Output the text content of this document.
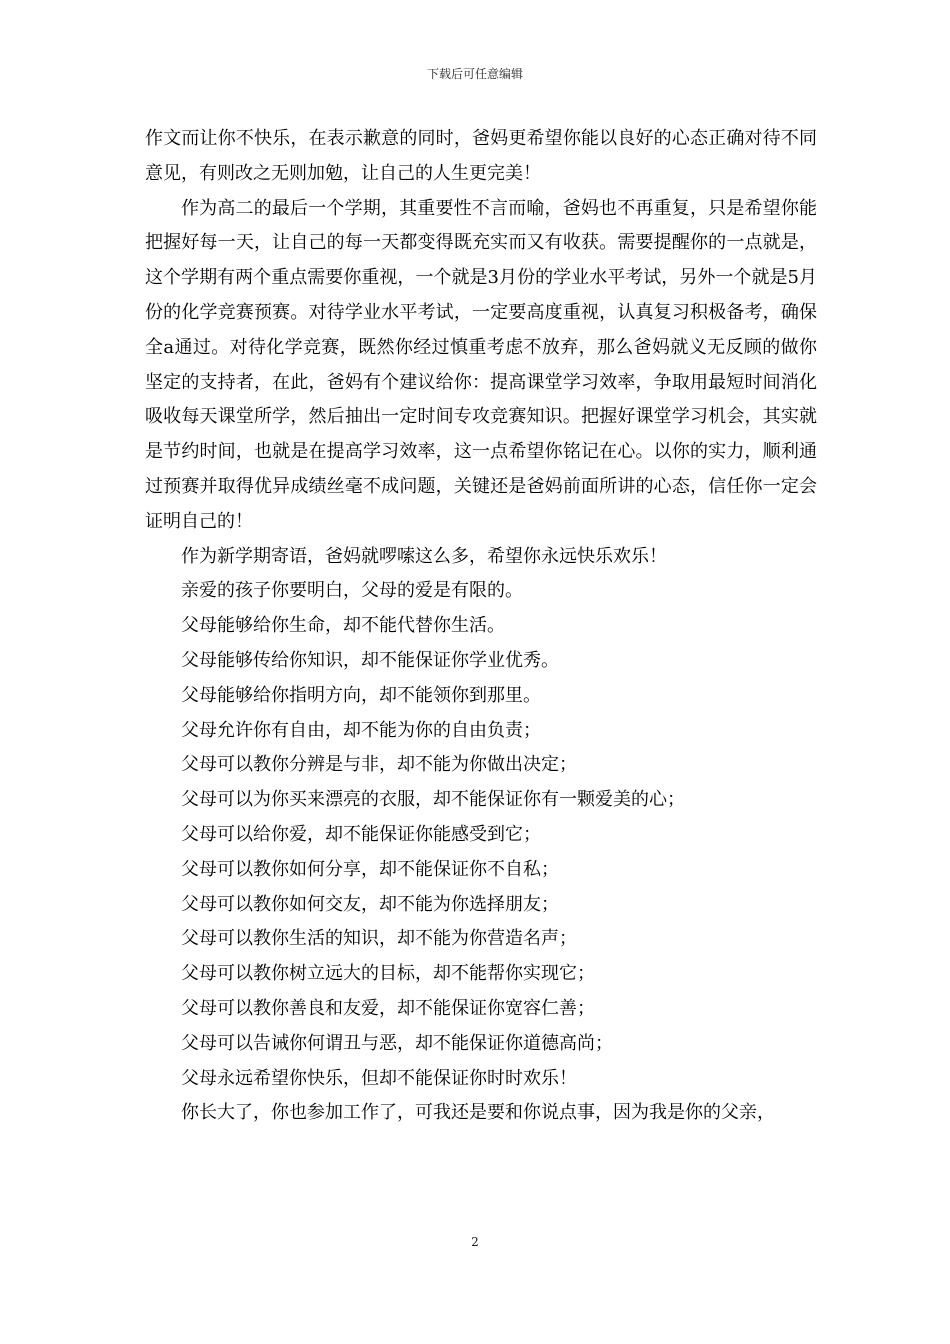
下载后可任意编辑

作文而让你不快乐，在表示歉意的同时，爸妈更希望你能以良好的心态正确对待不同意见，有则改之无则加勉，让自己的人生更完美！

作为高二的最后一个学期，其重要性不言而喻，爸妈也不再重复，只是希望你能把握好每一天，让自己的每一天都变得既充实而又有收获。需要提醒你的一点就是，这个学期有两个重点需要你重视，一个就是3月份的学业水平考试，另外一个就是5月份的化学竞赛预赛。对待学业水平考试，一定要高度重视，认真复习积极备考，确保全a通过。对待化学竞赛，既然你经过慎重考虑不放弃，那么爸妈就义无反顾的做你坚定的支持者，在此，爸妈有个建议给你：提高课堂学习效率，争取用最短时间消化吸收每天课堂所学，然后抽出一定时间专攻竞赛知识。把握好课堂学习机会，其实就是节约时间，也就是在提高学习效率，这一点希望你铭记在心。以你的实力，顺利通过预赛并取得优异成绩丝毫不成问题，关键还是爸妈前面所讲的心态，信任你一定会证明自己的！

作为新学期寄语，爸妈就啰嗦这么多，希望你永远快乐欢乐！

亲爱的孩子你要明白，父母的爱是有限的。

父母能够给你生命，却不能代替你生活。

父母能够传给你知识，却不能保证你学业优秀。

父母能够给你指明方向，却不能领你到那里。

父母允许你有自由，却不能为你的自由负责；

父母可以教你分辨是与非，却不能为你做出决定；

父母可以为你买来漂亮的衣服，却不能保证你有一颗爱美的心；

父母可以给你爱，却不能保证你能感受到它；

父母可以教你如何分享，却不能保证你不自私；

父母可以教你如何交友，却不能为你选择朋友；

父母可以教你生活的知识，却不能为你营造名声；

父母可以教你树立远大的目标，却不能帮你实现它；

父母可以教你善良和友爱，却不能保证你宽容仁善；

父母可以告诫你何谓丑与恶，却不能保证你道德高尚；

父母永远希望你快乐，但却不能保证你时时欢乐！

你长大了，你也参加工作了，可我还是要和你说点事，因为我是你的父亲，

2
